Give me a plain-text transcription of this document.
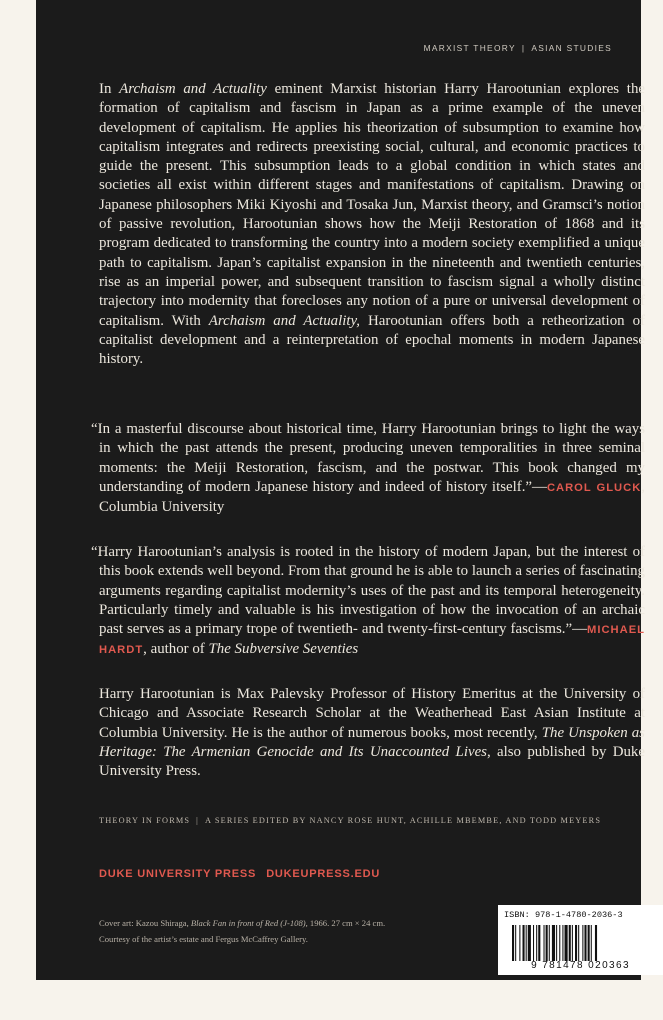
MARXIST THEORY | ASIAN STUDIES
In Archaism and Actuality eminent Marxist historian Harry Harootunian explores the formation of capitalism and fascism in Japan as a prime example of the uneven development of capitalism. He applies his theorization of subsumption to examine how capitalism integrates and redirects preexisting social, cultural, and economic practices to guide the present. This subsumption leads to a global condition in which states and societies all exist within different stages and manifestations of capitalism. Drawing on Japanese philosophers Miki Kiyoshi and Tosaka Jun, Marxist theory, and Gramsci’s notion of passive revolution, Harootunian shows how the Meiji Restoration of 1868 and its program dedicated to transforming the country into a modern society exemplified a unique path to capitalism. Japan’s capitalist expansion in the nineteenth and twentieth centuries, rise as an imperial power, and subsequent transition to fascism signal a wholly distinct trajectory into modernity that forecloses any notion of a pure or universal development of capitalism. With Archaism and Actuality, Harootunian offers both a retheorization of capitalist development and a reinterpretation of epochal moments in modern Japanese history.
“In a masterful discourse about historical time, Harry Harootunian brings to light the ways in which the past attends the present, producing uneven temporalities in three seminal moments: the Meiji Restoration, fascism, and the postwar. This book changed my understanding of modern Japanese history and indeed of history itself.”—CAROL GLUCK, Columbia University
“Harry Harootunian’s analysis is rooted in the history of modern Japan, but the interest of this book extends well beyond. From that ground he is able to launch a series of fascinating arguments regarding capitalist modernity’s uses of the past and its temporal heterogeneity. Particularly timely and valuable is his investigation of how the invocation of an archaic past serves as a primary trope of twentieth- and twenty-first-century fascisms.”—MICHAEL HARDT, author of The Subversive Seventies
Harry Harootunian is Max Palevsky Professor of History Emeritus at the University of Chicago and Associate Research Scholar at the Weatherhead East Asian Institute at Columbia University. He is the author of numerous books, most recently, The Unspoken as Heritage: The Armenian Genocide and Its Unaccounted Lives, also published by Duke University Press.
THEORY IN FORMS | A SERIES EDITED BY NANCY ROSE HUNT, ACHILLE MBEMBE, AND TODD MEYERS
DUKE UNIVERSITY PRESS DUKEUPRESS.EDU
Cover art: Kazou Shiraga, Black Fan in front of Red (J-108), 1966. 27 cm × 24 cm.
Courtesy of the artist’s estate and Fergus McCaffrey Gallery.
ISBN: 978-1-4780-2036-3
9 781478 020363
